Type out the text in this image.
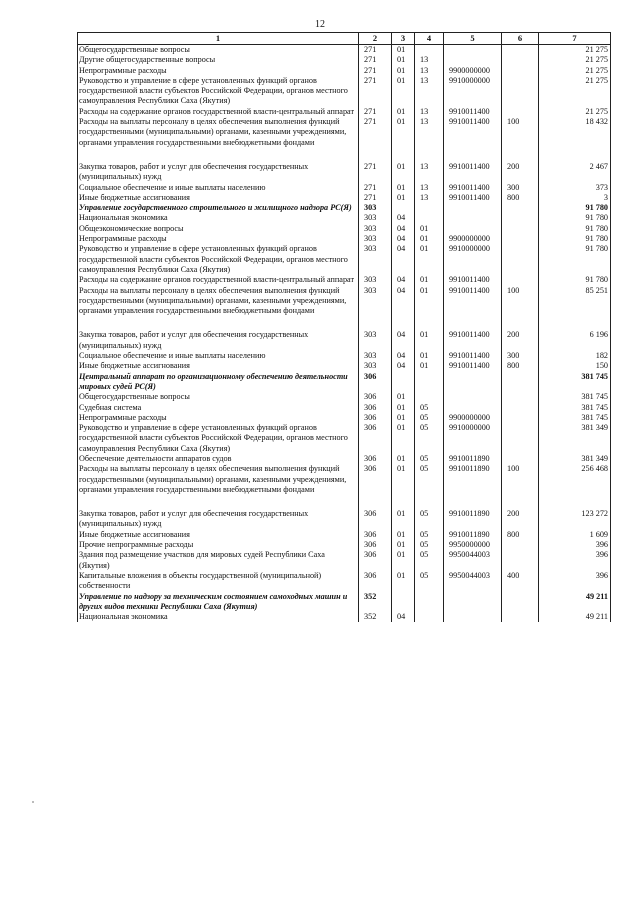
12
1	2	3	4	5	6	7
Общегосударственные вопросы	271	01				21 275
Другие общегосударственные вопросы	271	01	13			21 275
Непрограммные расходы	271	01	13	9900000000		21 275
Руководство и управление в сфере установленных функций органов государственной власти субъектов Российской Федерации, органов местного самоуправления Республики Саха (Якутия)	271	01	13	9910000000		21 275
Расходы на содержание органов государственной власти-центральный аппарат	271	01	13	9910011400		21 275
Расходы на выплаты персоналу в целях обеспечения выполнения функций государственными (муниципальными) органами, казенными учреждениями, органами управления государственными внебюджетными фондами	271	01	13	9910011400	100	18 432

Закупка товаров, работ и услуг для обеспечения государственных (муниципальных) нужд	271	01	13	9910011400	200	2 467
Социальное обеспечение и иные выплаты населению	271	01	13	9910011400	300	373
Иные бюджетные ассигнования	271	01	13	9910011400	800	3
Управление государственного строительного и жилищного надзора РС(Я)	303					91 780
Национальная экономика	303	04				91 780
Общеэкономические вопросы	303	04	01			91 780
Непрограммные расходы	303	04	01	9900000000		91 780
Руководство и управление в сфере установленных функций органов государственной власти субъектов Российской Федерации, органов местного самоуправления Республики Саха (Якутия)	303	04	01	9910000000		91 780
Расходы на содержание органов государственной власти-центральный аппарат	303	04	01	9910011400		91 780
Расходы на выплаты персоналу в целях обеспечения выполнения функций государственными (муниципальными) органами, казенными учреждениями, органами управления государственными внебюджетными фондами	303	04	01	9910011400	100	85 251

Закупка товаров, работ и услуг для обеспечения государственных (муниципальных) нужд	303	04	01	9910011400	200	6 196
Социальное обеспечение и иные выплаты населению	303	04	01	9910011400	300	182
Иные бюджетные ассигнования	303	04	01	9910011400	800	150
Центральный аппарат по организационному обеспечению деятельности мировых судей РС(Я)	306					381 745
Общегосударственные вопросы	306	01				381 745
Судебная система	306	01	05			381 745
Непрограммные расходы	306	01	05	9900000000		381 745
Руководство и управление в сфере установленных функций органов государственной власти субъектов Российской Федерации, органов местного самоуправления Республики Саха (Якутия)	306	01	05	9910000000		381 349
Обеспечение деятельности аппаратов судов	306	01	05	9910011890		381 349
Расходы на выплаты персоналу в целях обеспечения выполнения функций государственными (муниципальными) органами, казенными учреждениями, органами управления государственными внебюджетными фондами	306	01	05	9910011890	100	256 468

Закупка товаров, работ и услуг для обеспечения государственных (муниципальных) нужд	306	01	05	9910011890	200	123 272
Иные бюджетные ассигнования	306	01	05	9910011890	800	1 609
Прочие непрограммные расходы	306	01	05	9950000000		396
Здания под размещение участков для мировых судей Республики Саха (Якутия)	306	01	05	9950044003		396
Капитальные вложения в объекты государственной (муниципальной) собственности	306	01	05	9950044003	400	396
Управление по надзору за техническим состоянием самоходных машин и других видов техники Республики Саха (Якутия)	352					49 211
Национальная экономика	352	04				49 211
